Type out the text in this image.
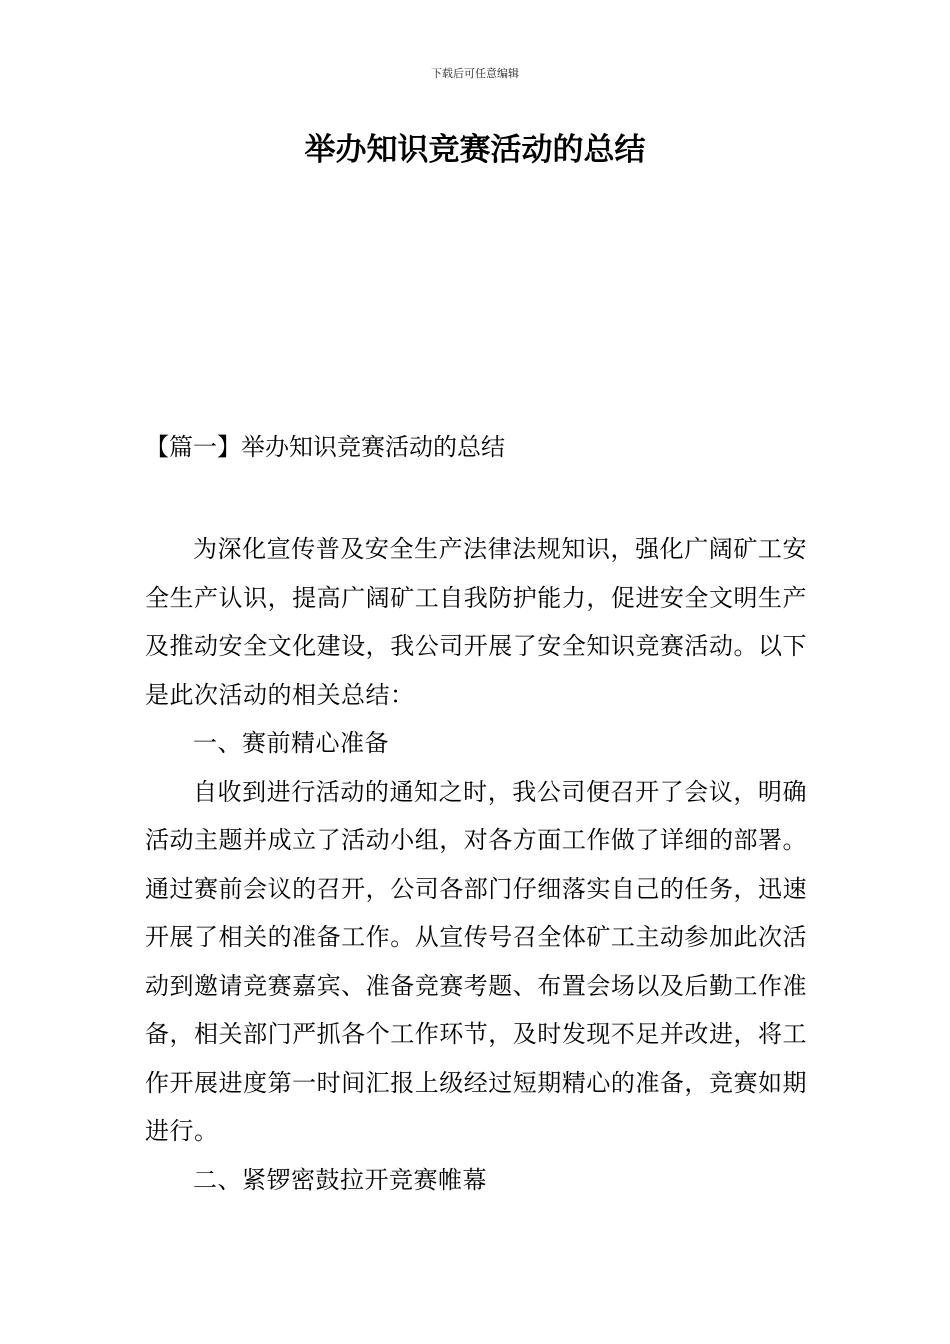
下载后可任意编辑
举办知识竞赛活动的总结
【篇一】举办知识竞赛活动的总结

为深化宣传普及安全生产法律法规知识，强化广阔矿工安全生产认识，提高广阔矿工自我防护能力，促进安全文明生产及推动安全文化建设，我公司开展了安全知识竞赛活动。以下是此次活动的相关总结：

一、赛前精心准备

自收到进行活动的通知之时，我公司便召开了会议，明确活动主题并成立了活动小组，对各方面工作做了详细的部署。通过赛前会议的召开，公司各部门仔细落实自己的任务，迅速开展了相关的准备工作。从宣传号召全体矿工主动参加此次活动到邀请竞赛嘉宾、准备竞赛考题、布置会场以及后勤工作准备，相关部门严抓各个工作环节，及时发现不足并改进，将工作开展进度第一时间汇报上级经过短期精心的准备，竞赛如期进行。

二、紧锣密鼓拉开竞赛帷幕
